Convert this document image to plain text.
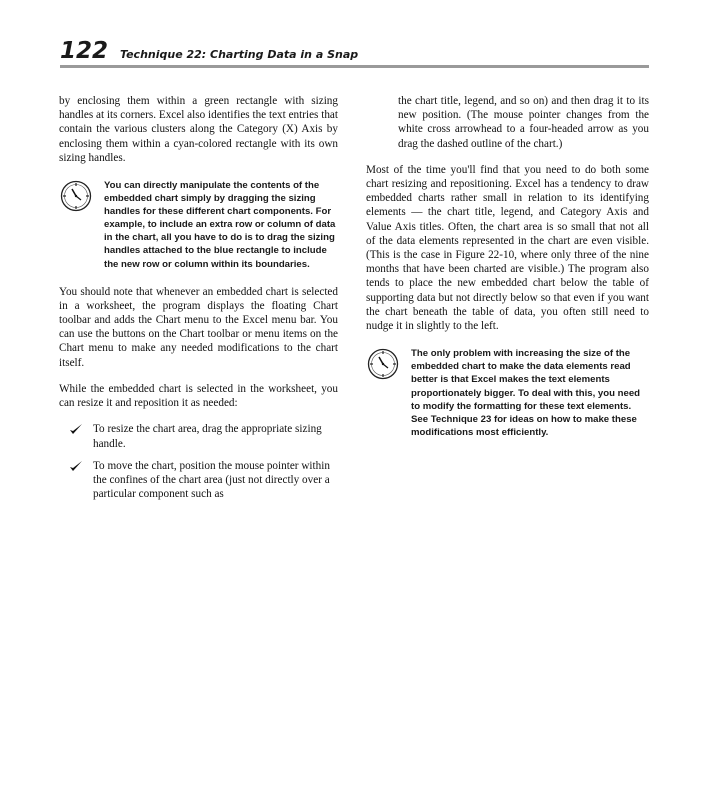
122 Technique 22: Charting Data in a Snap

by enclosing them within a green rectangle with sizing handles at its corners. Excel also identifies the text entries that contain the various clusters along the Category (X) Axis by enclosing them within a cyan-colored rectangle with its own sizing handles.

You can directly manipulate the contents of the embedded chart simply by dragging the sizing handles for these different chart components. For example, to include an extra row or column of data in the chart, all you have to do is to drag the sizing handles attached to the blue rectangle to include the new row or column within its boundaries.

You should note that whenever an embedded chart is selected in a worksheet, the program displays the floating Chart toolbar and adds the Chart menu to the Excel menu bar. You can use the buttons on the Chart toolbar or menu items on the Chart menu to make any needed modifications to the chart itself.

While the embedded chart is selected in the worksheet, you can resize it and reposition it as needed:

To resize the chart area, drag the appropriate sizing handle.
To move the chart, position the mouse pointer within the confines of the chart area (just not directly over a particular component such as

the chart title, legend, and so on) and then drag it to its new position. (The mouse pointer changes from the white cross arrowhead to a four-headed arrow as you drag the dashed outline of the chart.)

Most of the time you'll find that you need to do both some chart resizing and repositioning. Excel has a tendency to draw embedded charts rather small in relation to its identifying elements — the chart title, legend, and Category Axis and Value Axis titles. Often, the chart area is so small that not all of the data elements represented in the chart are even visible. (This is the case in Figure 22-10, where only three of the nine months that have been charted are visible.) The program also tends to place the new embedded chart below the table of supporting data but not directly below so that even if you want the chart beneath the table of data, you often still need to nudge it in slightly to the left.

The only problem with increasing the size of the embedded chart to make the data elements read better is that Excel makes the text elements proportionately bigger. To deal with this, you need to modify the formatting for these text elements. See Technique 23 for ideas on how to make these modifications most efficiently.
